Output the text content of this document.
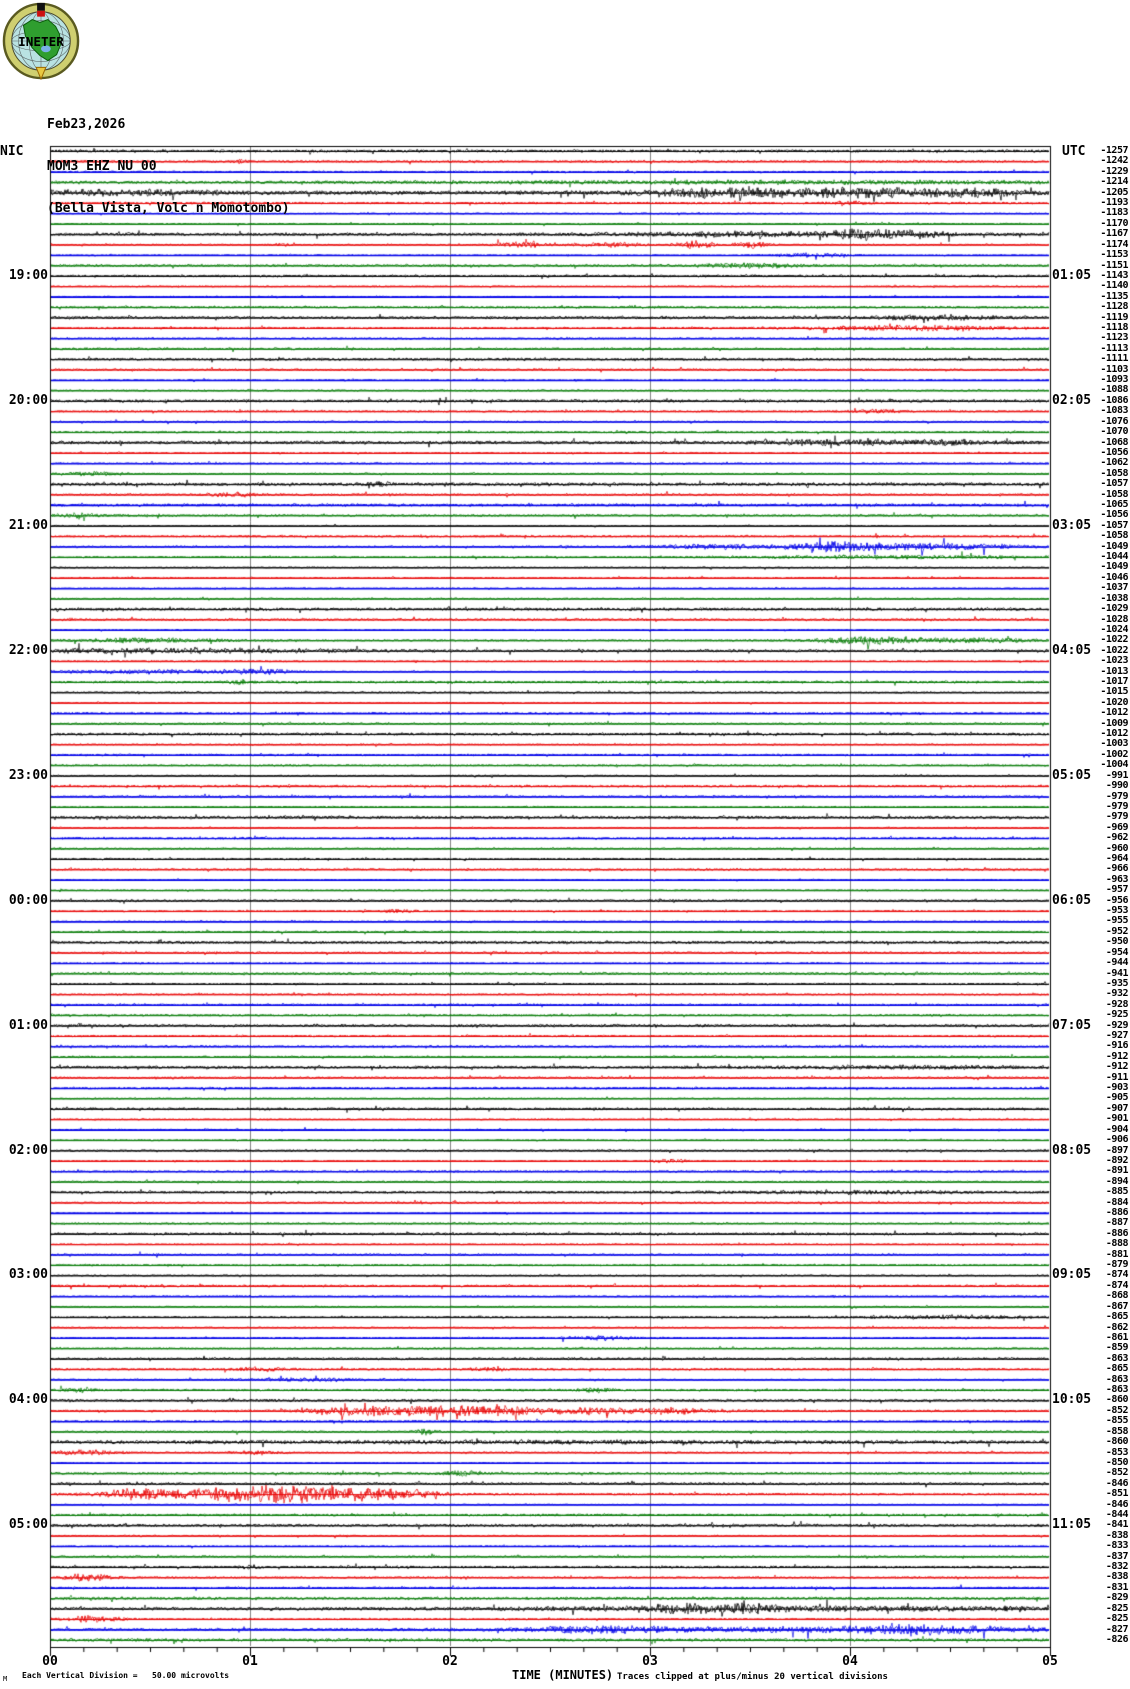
INETER

Feb23,2026

MOM3 EHZ NU 00

(Bella Vista, Volc n Momotombo)

NIC	UTC
19:00
20:00
21:00
22:00
23:00
00:00
01:00
02:00
03:00
04:00
05:00
01:05
02:05
03:05
04:05
05:05
06:05
07:05
08:05
09:05
10:05
11:05
-1257
-1242
-1229
-1214
-1205
-1193
-1183
-1170
-1167
-1174
-1153
-1151
-1143
-1140
-1135
-1128
-1119
-1118
-1123
-1113
-1111
-1103
-1093
-1088
-1086
-1083
-1076
-1070
-1068
-1056
-1062
-1058
-1057
-1058
-1065
-1056
-1057
-1058
-1049
-1044
-1049
-1046
-1037
-1038
-1029
-1028
-1024
-1022
-1022
-1023
-1013
-1017
-1015
-1020
-1012
-1009
-1012
-1003
-1002
-1004
-991
-990
-979
-979
-979
-969
-962
-960
-964
-966
-963
-957
-956
-953
-955
-952
-950
-954
-944
-941
-935
-932
-928
-925
-929
-927
-916
-912
-912
-911
-903
-905
-907
-901
-904
-906
-897
-892
-891
-894
-885
-884
-886
-887
-886
-888
-881
-879
-874
-874
-868
-867
-865
-862
-861
-859
-863
-865
-863
-863
-860
-852
-855
-858
-860
-853
-850
-852
-846
-851
-846
-844
-841
-838
-833
-837
-832
-838
-831
-829
-825
-825
-827
-826
00	01	02	03	04	05
M Each Vertical Division =   50.00 microvolts	TIME (MINUTES) Traces clipped at plus/minus 20 vertical divisions
